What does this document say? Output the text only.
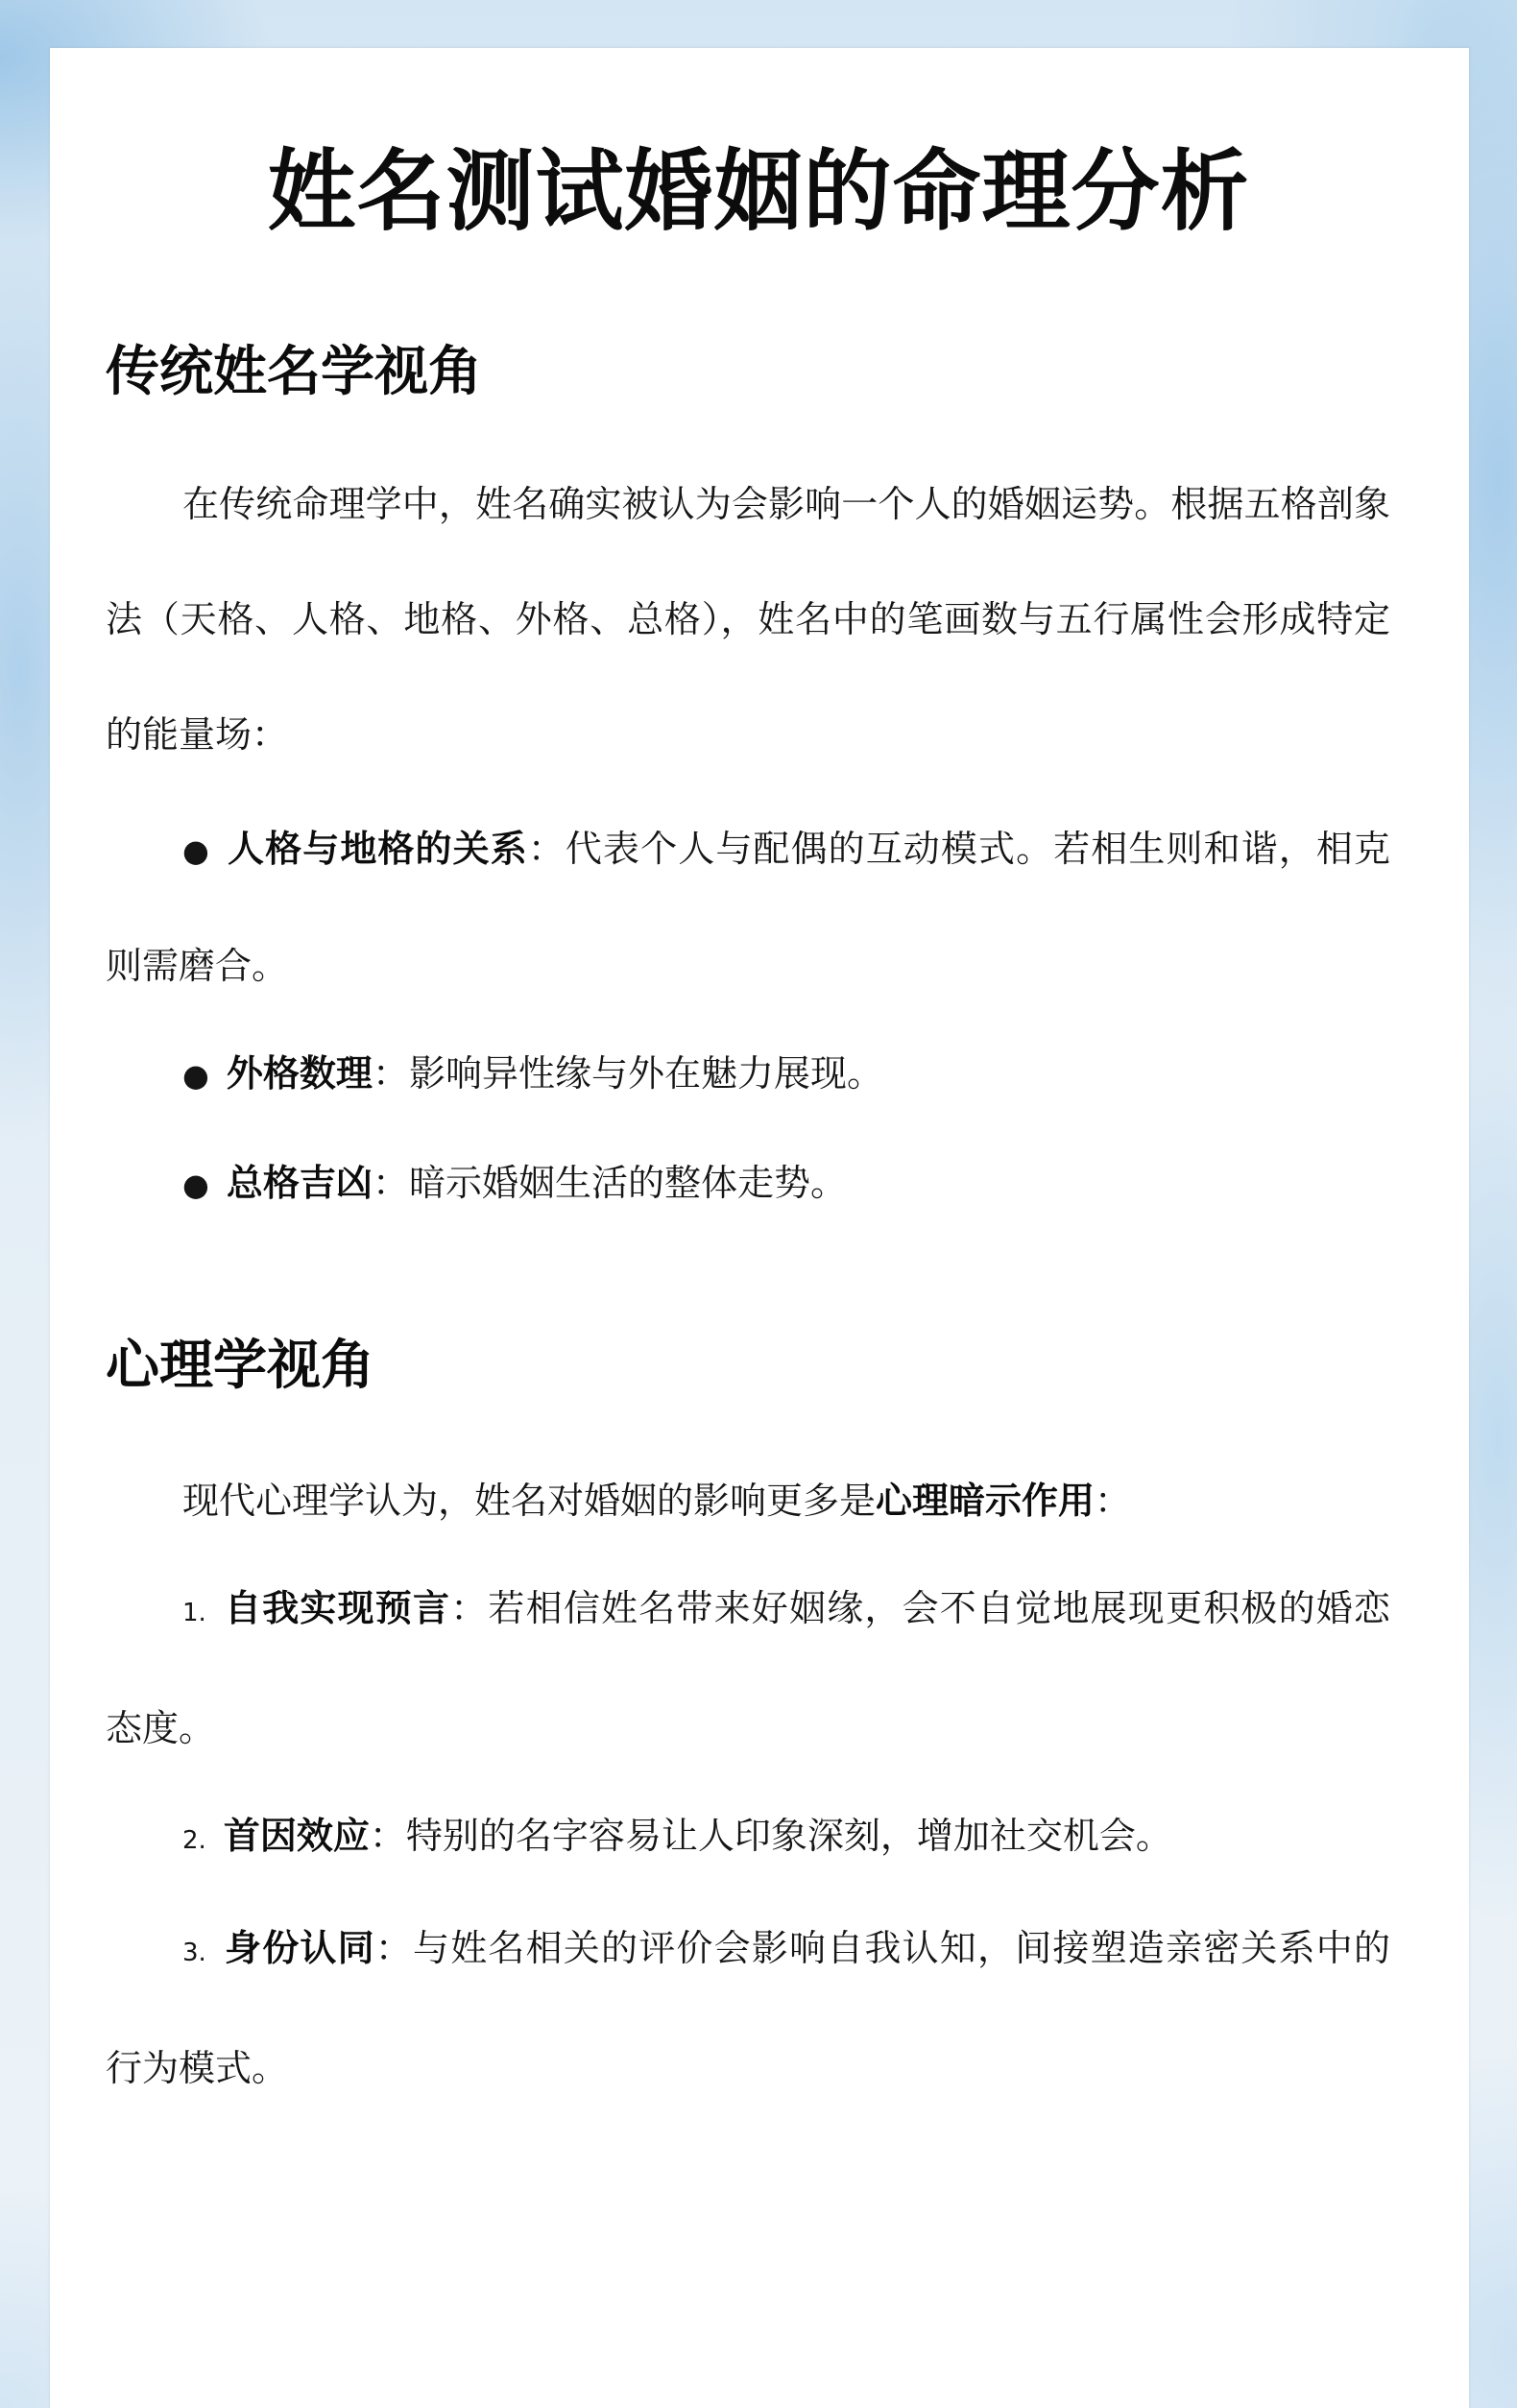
姓名测试婚姻的命理分析
传统姓名学视角

在传统命理学中，姓名确实被认为会影响一个人的婚姻运势。根据五格剖象法（天格、人格、地格、外格、总格），姓名中的笔画数与五行属性会形成特定的能量场：

● 人格与地格的关系：代表个人与配偶的互动模式。若相生则和谐，相克则需磨合。

● 外格数理：影响异性缘与外在魅力展现。

● 总格吉凶：暗示婚姻生活的整体走势。

心理学视角

现代心理学认为，姓名对婚姻的影响更多是心理暗示作用：

1. 自我实现预言：若相信姓名带来好姻缘，会不自觉地展现更积极的婚恋态度。

2. 首因效应：特别的名字容易让人印象深刻，增加社交机会。

3. 身份认同：与姓名相关的评价会影响自我认知，间接塑造亲密关系中的行为模式。
